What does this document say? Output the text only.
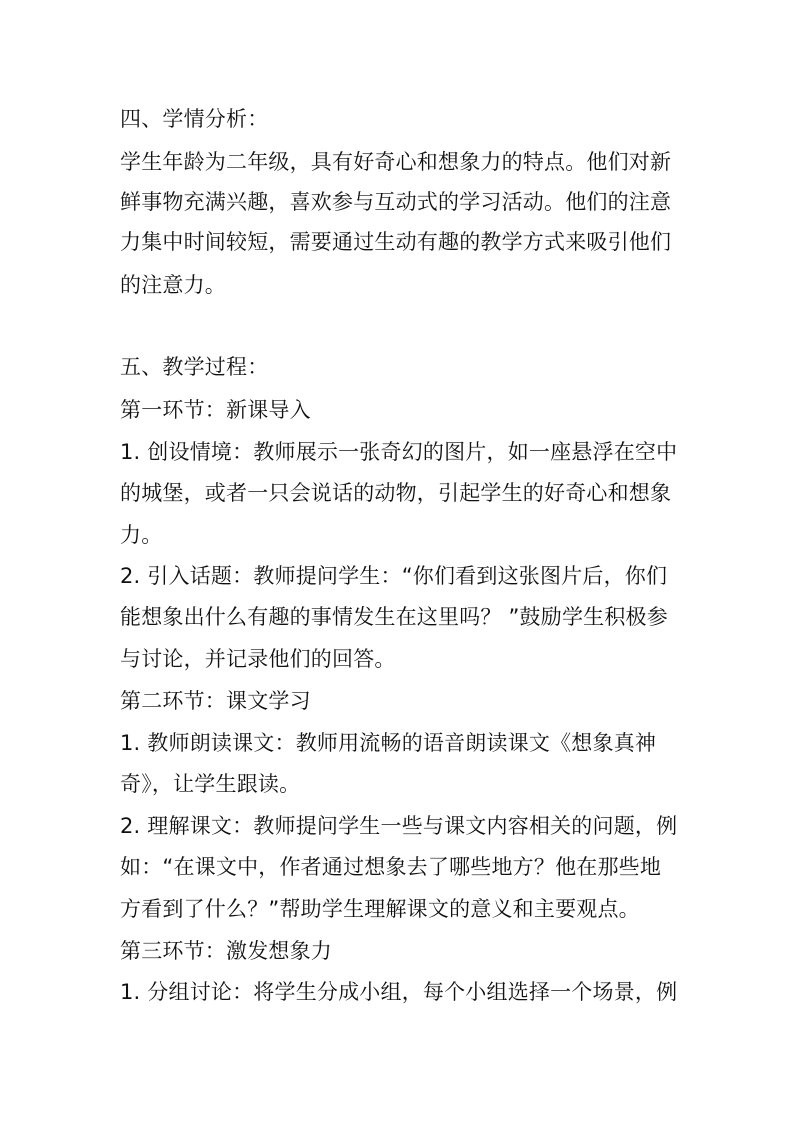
四、学情分析：
学生年龄为二年级，具有好奇心和想象力的特点。他们对新
鲜事物充满兴趣，喜欢参与互动式的学习活动。他们的注意
力集中时间较短，需要通过生动有趣的教学方式来吸引他们
的注意力。
五、教学过程：
第一环节：新课导入
1. 创设情境：教师展示一张奇幻的图片，如一座悬浮在空中
的城堡，或者一只会说话的动物，引起学生的好奇心和想象
力。
2. 引入话题：教师提问学生：“你们看到这张图片后，你们
能想象出什么有趣的事情发生在这里吗？ ”鼓励学生积极参
与讨论，并记录他们的回答。
第二环节：课文学习
1. 教师朗读课文：教师用流畅的语音朗读课文《想象真神
奇》，让学生跟读。
2. 理解课文：教师提问学生一些与课文内容相关的问题，例
如：“在课文中，作者通过想象去了哪些地方？他在那些地
方看到了什么？”帮助学生理解课文的意义和主要观点。
第三环节：激发想象力
1. 分组讨论：将学生分成小组，每个小组选择一个场景，例
